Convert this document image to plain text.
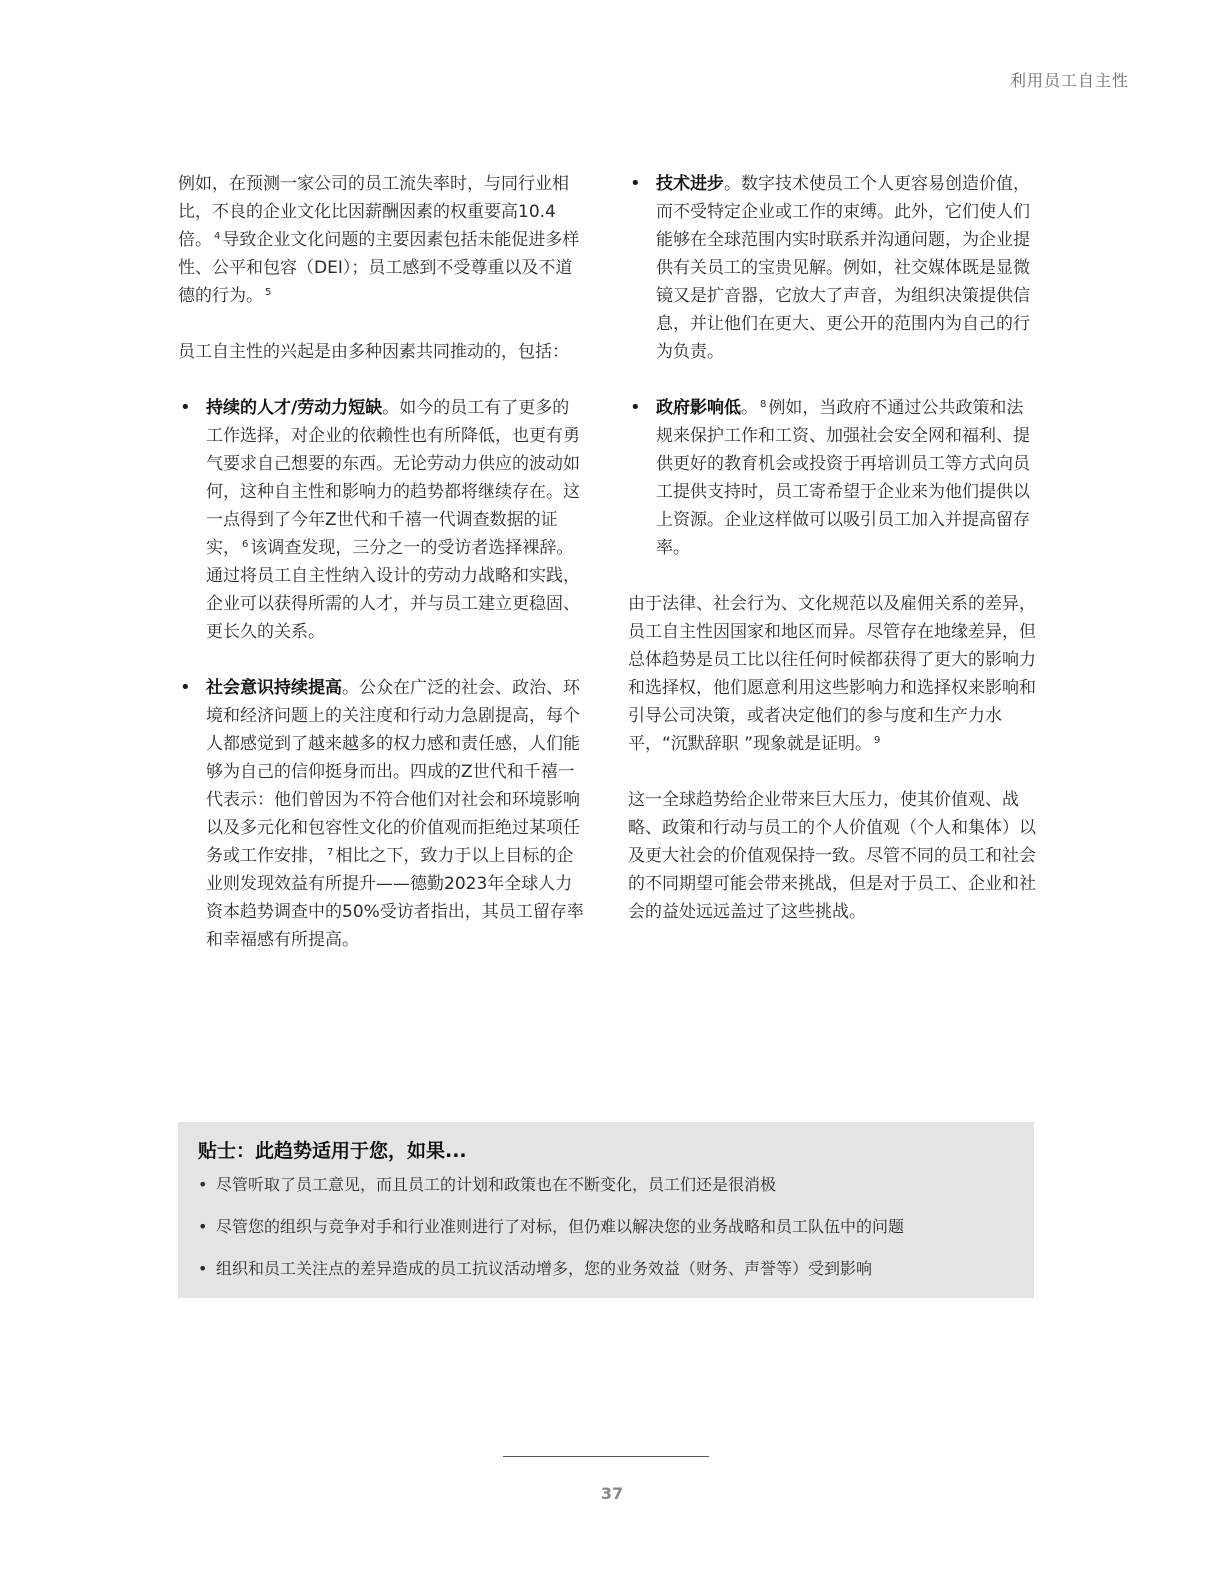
利用员工自主性

例如，在预测一家公司的员工流失率时，与同行业相比，不良的企业文化比因薪酬因素的权重要高10.4倍。 $^4$ 导致企业文化问题的主要因素包括未能促进多样性、公平和包容（DEI）；员工感到不受尊重以及不道德的行为。 $^5$

员工自主性的兴起是由多种因素共同推动的，包括：

• 持续的人才/劳动力短缺。如今的员工有了更多的工作选择，对企业的依赖性也有所降低，也更有勇气要求自己想要的东西。无论劳动力供应的波动如何，这种自主性和影响力的趋势都将继续存在。这一点得到了今年Z世代和千禧一代调查数据的证实， $^6$ 该调查发现，三分之一的受访者选择裸辞。通过将员工自主性纳入设计的劳动力战略和实践，企业可以获得所需的人才，并与员工建立更稳固、更长久的关系。
• 社会意识持续提高。公众在广泛的社会、政治、环境和经济问题上的关注度和行动力急剧提高，每个人都感觉到了越来越多的权力感和责任感，人们能够为自己的信仰挺身而出。四成的Z世代和千禧一代表示：他们曾因为不符合他们对社会和环境影响以及多元化和包容性文化的价值观而拒绝过某项任务或工作安排， $^7$ 相比之下，致力于以上目标的企业则发现效益有所提升——德勤2023年全球人力资本趋势调查中的50%受访者指出，其员工留存率和幸福感有所提高。
• 技术进步。数字技术使员工个人更容易创造价值，而不受特定企业或工作的束缚。此外，它们使人们能够在全球范围内实时联系并沟通问题，为企业提供有关员工的宝贵见解。例如，社交媒体既是显微镜又是扩音器，它放大了声音，为组织决策提供信息，并让他们在更大、更公开的范围内为自己的行为负责。
• 政府影响低。 $^8$ 例如，当政府不通过公共政策和法规来保护工作和工资、加强社会安全网和福利、提供更好的教育机会或投资于再培训员工等方式向员工提供支持时，员工寄希望于企业来为他们提供以上资源。企业这样做可以吸引员工加入并提高留存率。

由于法律、社会行为、文化规范以及雇佣关系的差异，员工自主性因国家和地区而异。尽管存在地缘差异，但总体趋势是员工比以往任何时候都获得了更大的影响力和选择权，他们愿意利用这些影响力和选择权来影响和引导公司决策，或者决定他们的参与度和生产力水平，“沉默辞职 ”现象就是证明。 $^9$

这一全球趋势给企业带来巨大压力，使其价值观、战略、政策和行动与员工的个人价值观（个人和集体）以及更大社会的价值观保持一致。尽管不同的员工和社会的不同期望可能会带来挑战，但是对于员工、企业和社会的益处远远盖过了这些挑战。

贴士：此趋势适用于您，如果...
• 尽管听取了员工意见，而且员工的计划和政策也在不断变化，员工们还是很消极
• 尽管您的组织与竞争对手和行业准则进行了对标，但仍难以解决您的业务战略和员工队伍中的问题
• 组织和员工关注点的差异造成的员工抗议活动增多，您的业务效益（财务、声誉等）受到影响
37
